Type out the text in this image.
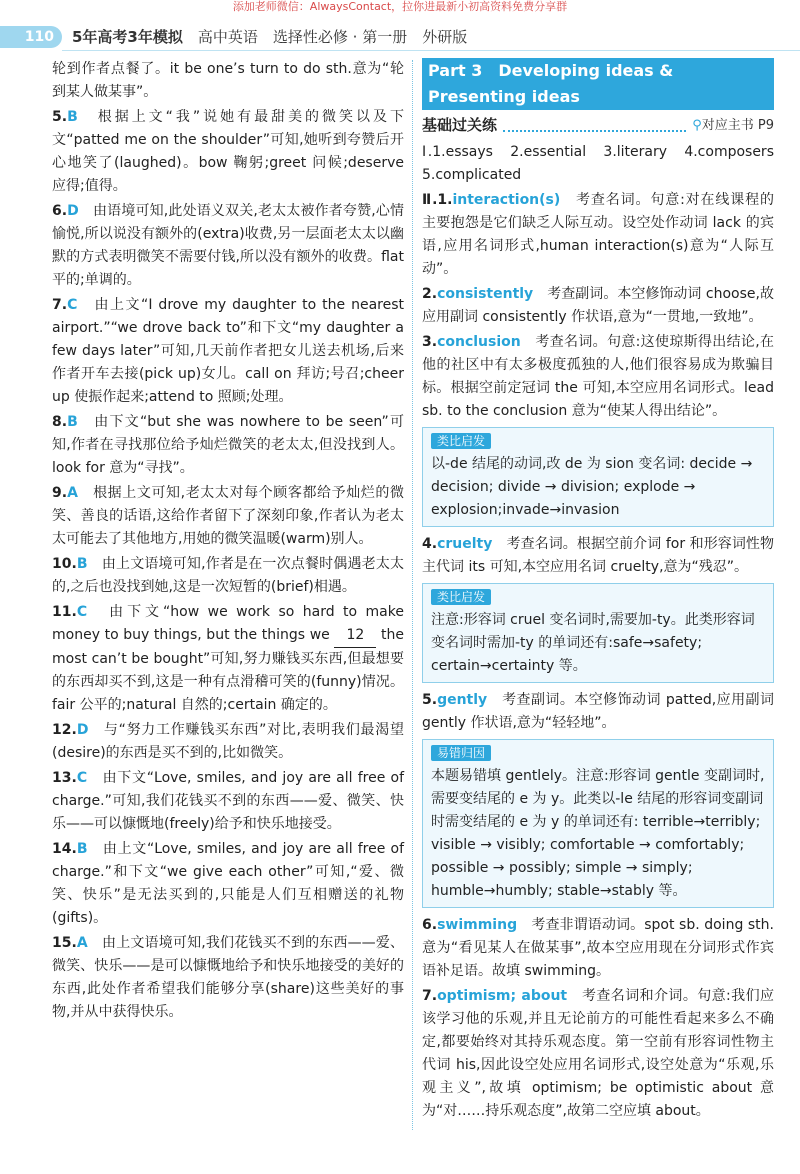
添加老师微信：AlwaysContact，拉你进最新小初高资料免费分享群
110	5年高考3年模拟　 高中英语　选择性必修 · 第一册　外研版

轮到作者点餐了。it be one’s turn to do sth.意为“轮到某人做某事”。

5.B　 根据上文“我”说她有最甜美的微笑以及下文“patted me on the shoulder”可知,她听到夸赞后开心地笑了(laughed)。bow 鞠躬;greet 问候;deserve 应得;值得。

6.D　 由语境可知,此处语义双关,老太太被作者夸赞,心情愉悦,所以说没有额外的(extra)收费,另一层面老太太以幽默的方式表明微笑不需要付钱,所以没有额外的收费。flat 平的;单调的。

7.C　 由上文“I drove my daughter to the nearest airport.”“we drove back to”和下文“my daughter a few days later”可知,几天前作者把女儿送去机场,后来作者开车去接(pick up)女儿。call on 拜访;号召;cheer up 使振作起来;attend to 照顾;处理。

8.B　 由下文“but she was nowhere to be seen”可知,作者在寻找那位给予灿烂微笑的老太太,但没找到人。look for 意为“寻找”。

9.A　 根据上文可知,老太太对每个顾客都给予灿烂的微笑、善良的话语,这给作者留下了深刻印象,作者认为老太太可能去了其他地方,用她的微笑温暖(warm)别人。

10.B　 由上文语境可知,作者是在一次点餐时偶遇老太太的,之后也没找到她,这是一次短暂的(brief)相遇。

11.C　 由下文“how we work so hard to make money to buy things, but the things we 12 the most can’t be bought”可知,努力赚钱买东西,但最想要的东西却买不到,这是一种有点滑稽可笑的(funny)情况。fair 公平的;natural 自然的;certain 确定的。

12.D　 与“努力工作赚钱买东西”对比,表明我们最渴望(desire)的东西是买不到的,比如微笑。

13.C　 由下文“Love, smiles, and joy are all free of charge.”可知,我们花钱买不到的东西——爱、微笑、快乐——可以慷慨地(freely)给予和快乐地接受。

14.B　 由上文“Love, smiles, and joy are all free of charge.”和下文“we give each other”可知,“爱、微笑、快乐”是无法买到的,只能是人们互相赠送的礼物(gifts)。

15.A　 由上文语境可知,我们花钱买不到的东西——爱、微笑、快乐——是可以慷慨地给予和快乐地接受的美好的东西,此处作者希望我们能够分享(share)这些美好的事物,并从中获得快乐。

Part 3　Developing ideas & Presenting ideas
基础过关练	⚲对应主书 P9

Ⅰ.1.essays　2.essential　3.literary　4.composers　5.complicated

Ⅱ.1.interaction(s)　 考查名词。句意:对在线课程的主要抱怨是它们缺乏人际互动。设空处作动词 lack 的宾语,应用名词形式,human interaction(s)意为“人际互动”。

2.consistently　 考查副词。本空修饰动词 choose,故应用副词 consistently 作状语,意为“一贯地,一致地”。

3.conclusion　 考查名词。句意:这使琼斯得出结论,在他的社区中有太多极度孤独的人,他们很容易成为欺骗目标。根据空前定冠词 the 可知,本空应用名词形式。lead sb. to the conclusion 意为“使某人得出结论”。

类比启发
以-de 结尾的动词,改 de 为 sion 变名词: decide → decision; divide → division; explode → explosion;invade→invasion

4.cruelty　 考查名词。根据空前介词 for 和形容词性物主代词 its 可知,本空应用名词 cruelty,意为“残忍”。

类比启发
注意:形容词 cruel 变名词时,需要加-ty。此类形容词变名词时需加-ty 的单词还有:safe→safety; certain→certainty 等。

5.gently　 考查副词。本空修饰动词 patted,应用副词 gently 作状语,意为“轻轻地”。

易错归因
本题易错填 gentlely。注意:形容词 gentle 变副词时,需要变结尾的 e 为 y。此类以-le 结尾的形容词变副词时需变结尾的 e 为 y 的单词还有: terrible→terribly; visible → visibly; comfortable → comfortably; possible → possibly; simple → simply; humble→humbly; stable→stably 等。

6.swimming　 考查非谓语动词。spot sb. doing sth.意为“看见某人在做某事”,故本空应用现在分词形式作宾语补足语。故填 swimming。

7.optimism; about　 考查名词和介词。句意:我们应该学习他的乐观,并且无论前方的可能性看起来多么不确定,都要始终对其持乐观态度。第一空前有形容词性物主代词 his,因此设空处应用名词形式,设空处意为“乐观,乐观主义”,故填 optimism; be optimistic about 意为“对……持乐观态度”,故第二空应填 about。
